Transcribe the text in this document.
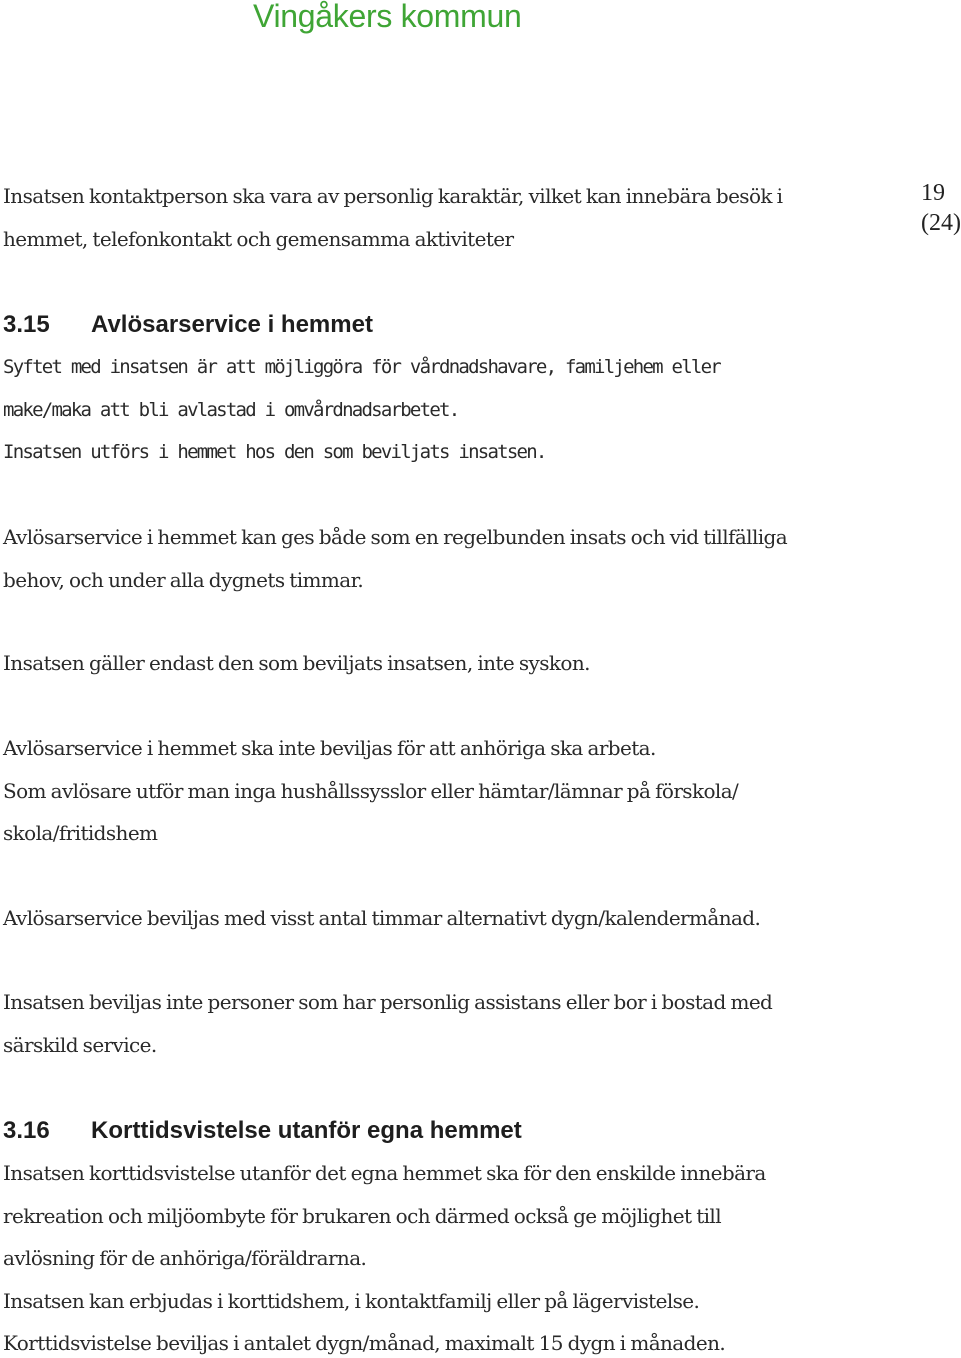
Vingåkers kommun
19 (24)
Insatsen kontaktperson ska vara av personlig karaktär, vilket kan innebära besök i
hemmet, telefonkontakt och gemensamma aktiviteter
3.15 Avlösarservice i hemmet
Syftet med insatsen är att möjliggöra för vårdnadshavare, familjehem eller
make/maka att bli avlastad i omvårdnadsarbetet.
Insatsen utförs i hemmet hos den som beviljats insatsen.
Avlösarservice i hemmet kan ges både som en regelbunden insats och vid tillfälliga
behov, och under alla dygnets timmar.
Insatsen gäller endast den som beviljats insatsen, inte syskon.
Avlösarservice i hemmet ska inte beviljas för att anhöriga ska arbeta.
Som avlösare utför man inga hushållssysslor eller hämtar/lämnar på förskola/
skola/fritidshem
Avlösarservice beviljas med visst antal timmar alternativt dygn/kalendermånad.
Insatsen beviljas inte personer som har personlig assistans eller bor i bostad med
särskild service.
3.16 Korttidsvistelse utanför egna hemmet
Insatsen korttidsvistelse utanför det egna hemmet ska för den enskilde innebära
rekreation och miljöombyte för brukaren och därmed också ge möjlighet till
avlösning för de anhöriga/föräldrarna.
Insatsen kan erbjudas i korttidshem, i kontaktfamilj eller på lägervistelse.
Korttidsvistelse beviljas i antalet dygn/månad, maximalt 15 dygn i månaden.
